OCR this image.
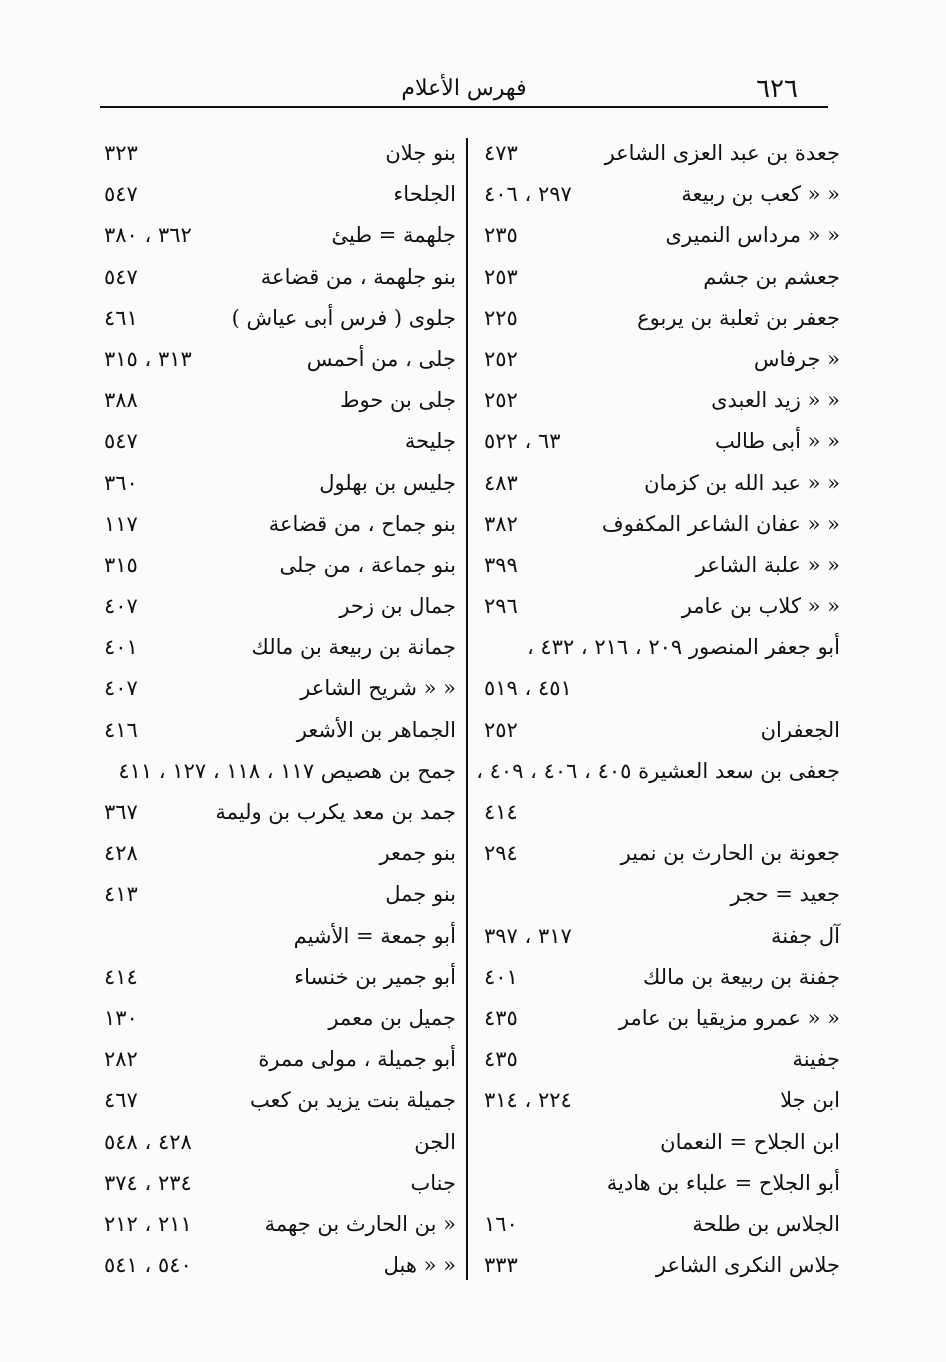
٦٢٦
فهرس الأعلام
جعدة بن عبد العزى الشاعر
٤٧٣
« « كعب بن ربيعة
٢٩٧ ، ٤٠٦
« « مرداس النميرى
٢٣٥
جعشم بن جشم
٢٥٣
جعفر بن ثعلبة بن يربوع
٢٢٥
« جرفاس
٢٥٢
« « زيد العبدى
٢٥٢
« « أبى طالب
٦٣ ، ٥٢٢
« « عبد الله بن كزمان
٤٨٣
« « عفان الشاعر المكفوف
٣٨٢
« « علبة الشاعر
٣٩٩
« « كلاب بن عامر
٢٩٦
أبو جعفر المنصور ٢٠٩ ، ٢١٦ ، ٤٣٢ ،
٤٥١ ، ٥١٩
الجعفران
٢٥٢
جعفى بن سعد العشيرة ٤٠٥ ، ٤٠٦ ، ٤٠٩ ،
٤١٤
جعونة بن الحارث بن نمير
٢٩٤
جعيد = حجر
آل جفنة
٣١٧ ، ٣٩٧
جفنة بن ربيعة بن مالك
٤٠١
« « عمرو مزيقيا بن عامر
٤٣٥
جفينة
٤٣٥
ابن جلا
٢٢٤ ، ٣١٤
ابن الجلاح = النعمان
أبو الجلاح = علباء بن هادية
الجلاس بن طلحة
١٦٠
جلاس النكرى الشاعر
٣٣٣
بنو جلان
٣٢٣
الجلحاء
٥٤٧
جلهمة = طيئ
٣٦٢ ، ٣٨٠
بنو جلهمة ، من قضاعة
٥٤٧
جلوى ( فرس أبى عياش )
٤٦١
جلى ، من أحمس
٣١٣ ، ٣١٥
جلى بن حوط
٣٨٨
جليحة
٥٤٧
جليس بن بهلول
٣٦٠
بنو جماح ، من قضاعة
١١٧
بنو جماعة ، من جلى
٣١٥
جمال بن زحر
٤٠٧
جمانة بن ربيعة بن مالك
٤٠١
« « شريح الشاعر
٤٠٧
الجماهر بن الأشعر
٤١٦
جمح بن هصيص ١١٧ ، ١١٨ ، ١٢٧ ، ٤١١
جمد بن معد يكرب بن وليمة
٣٦٧
بنو جمعر
٤٢٨
بنو جمل
٤١٣
أبو جمعة = الأشيم
أبو جمير بن خنساء
٤١٤
جميل بن معمر
١٣٠
أبو جميلة ، مولى ممرة
٢٨٢
جميلة بنت يزيد بن كعب
٤٦٧
الجن
٤٢٨ ، ٥٤٨
جناب
٢٣٤ ، ٣٧٤
« بن الحارث بن جهمة
٢١١ ، ٢١٢
« « هبل
٥٤٠ ، ٥٤١
